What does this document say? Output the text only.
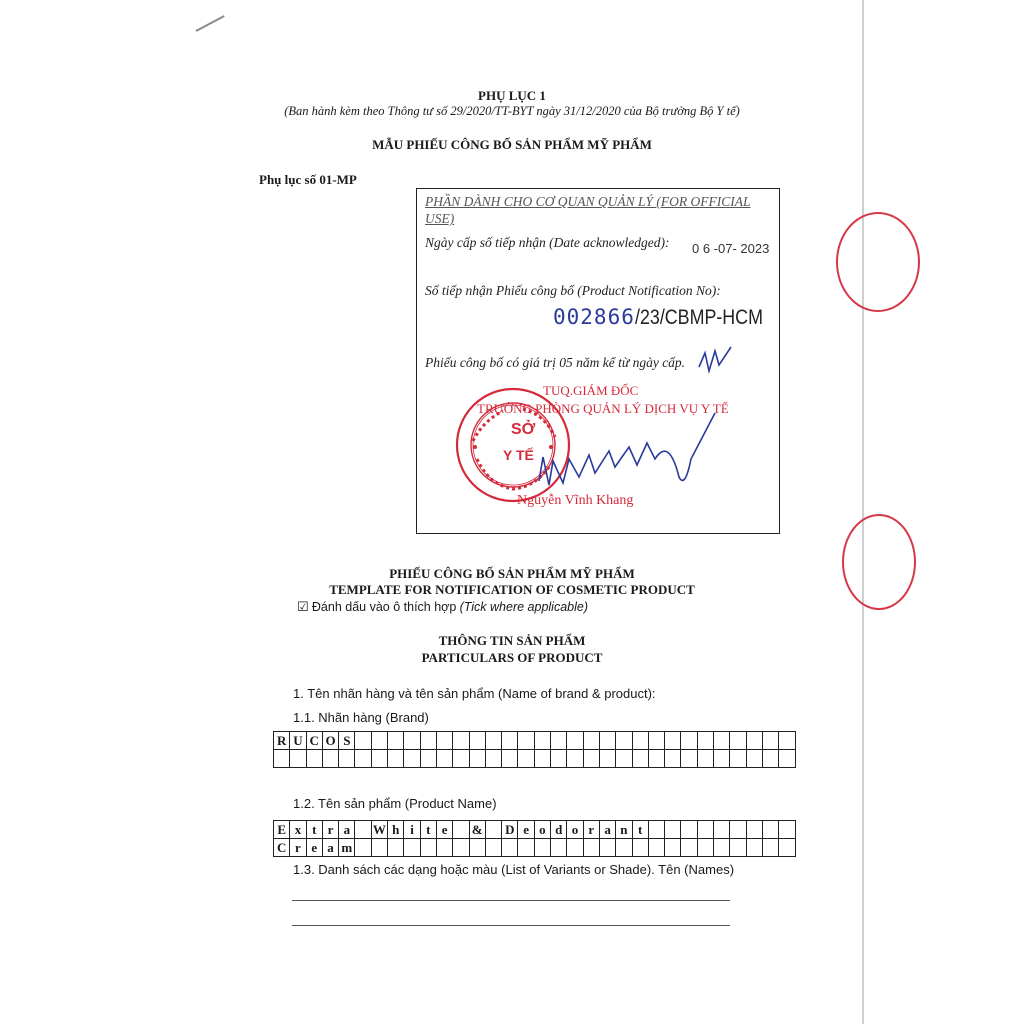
PHỤ LỤC 1
(Ban hành kèm theo Thông tư số 29/2020/TT-BYT ngày 31/12/2020 của Bộ trưởng Bộ Y tế)
MẪU PHIẾU CÔNG BỐ SẢN PHẨM MỸ PHẨM
Phụ lục số 01-MP
PHẦN DÀNH CHO CƠ QUAN QUẢN LÝ (FOR OFFICIAL
USE)
Ngày cấp số tiếp nhận (Date acknowledged): 0 6 -07- 2023
Số tiếp nhận Phiếu công bố (Product Notification No):
002866/23/CBMP-HCM
Phiếu công bố có giá trị 05 năm kể từ ngày cấp.
SỞ
Y TẾ
TUQ.GIÁM ĐỐC
TRƯỞNG PHÒNG QUẢN LÝ DỊCH VỤ Y TẾ
Nguyễn Vĩnh Khang
PHIẾU CÔNG BỐ SẢN PHẨM MỸ PHẨM
TEMPLATE FOR NOTIFICATION OF COSMETIC PRODUCT
☑ Đánh dấu vào ô thích hợp (Tick where applicable)
THÔNG TIN SẢN PHẨM
PARTICULARS OF PRODUCT
1. Tên nhãn hàng và tên sản phẩm (Name of brand & product):
1.1. Nhãn hàng (Brand)
R	U	C	O	S																											

1.2. Tên sản phẩm (Product Name)
E	x	t	r	a		W	h	i	t	e		&		D	e	o	d	o	r	a	n	t									
C	r	e	a	m																											
1.3. Danh sách các dạng hoặc màu (List of Variants or Shade). Tên (Names)
